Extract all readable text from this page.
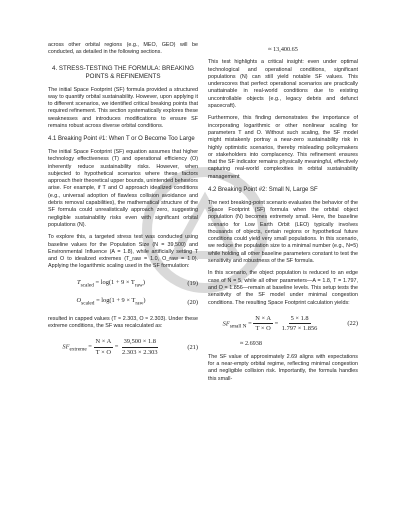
across other orbital regions (e.g., MEO, GEO) will be conducted, as detailed in the following sections.

4. STRESS-TESTING THE FORMULA: BREAKING POINTS & REFINEMENTS

The initial Space Footprint (SF) formula provided a structured way to quantify orbital sustainability. However, upon applying it to different scenarios, we identified critical breaking points that required refinement. This section systematically explores these weaknesses and introduces modifications to ensure SF remains robust across diverse orbital conditions.

4.1 Breaking Point #1: When T or O Become Too Large

The initial Space Footprint (SF) equation assumes that higher technology effectiveness (T) and operational efficiency (O) inherently reduce sustainability risks. However, when subjected to hypothetical scenarios where these factors approach their theoretical upper bounds, unintended behaviors arise. For example, if T and O approach idealized conditions (e.g., universal adoption of flawless collision avoidance and debris removal capabilities), the mathematical structure of the SF formula could unrealistically approach zero, suggesting negligible sustainability risks even with significant orbital populations (N).

To explore this, a targeted stress test was conducted using baseline values for the Population Size (N = 39,500) and Environmental Influence (A = 1.8), while artificially setting T and O to idealized extremes (T_raw = 1.0, O_raw = 1.0). Applying the logarithmic scaling used in the SF formulation:

$T_{scaled} = \log(1 + 9 \times T_{raw})$	(19)
$O_{scaled} = \log(1 + 9 \times T_{raw})$	(20)

resulted in capped values (T ≈ 2.303, O ≈ 2.303). Under these extreme conditions, the SF was recalculated as:

$SF_{extreme} = \frac{N \times A}{T \times O} = \frac{39,500 \times 1.8}{2.303 \times 2.303}$	(21)
≈ 13,400.65

This test highlights a critical insight: even under optimal technological and operational conditions, significant populations (N) can still yield notable SF values. This underscores that perfect operational scenarios are practically unattainable in real-world conditions due to existing uncontrollable objects (e.g., legacy debris and defunct spacecraft).

Furthermore, this finding demonstrates the importance of incorporating logarithmic or other nonlinear scaling for parameters T and O. Without such scaling, the SF model might mistakenly portray a near-zero sustainability risk in highly optimistic scenarios, thereby misleading policymakers or stakeholders into complacency. This refinement ensures that the SF indicator remains physically meaningful, effectively capturing real-world complexities in orbital sustainability management

4.2 Breaking Point #2: Small N, Large SF

The next breaking-point scenario evaluates the behavior of the Space Footprint (SF) formula when the orbital object population (N) becomes extremely small. Here, the baseline scenario for Low Earth Orbit (LEO) typically involves thousands of objects, certain regions or hypothetical future conditions could yield very small populations. In this scenario, we reduce the population size to a minimal number (e.g., N=5) while holding all other baseline parameters constant to test the sensitivity and robustness of the SF formula.

In this scenario, the object population is reduced to an edge case of N = 5, while all other parameters—A = 1.8, T = 1.797, and O = 1.856—remain at baseline levels. This setup tests the sensitivity of the SF model under minimal congestion conditions. The resulting Space Footprint calculation yields:

$SF_{small N} = \frac{N \times A}{T \times O} = \frac{5 \times 1.8}{1.797 \times 1.856}$	(22)
≈ 2.6938

The SF value of approximately 2.69 aligns with expectations for a near-empty orbital regime, reflecting minimal congestion and negligible collision risk. Importantly, the formula handles this small-
